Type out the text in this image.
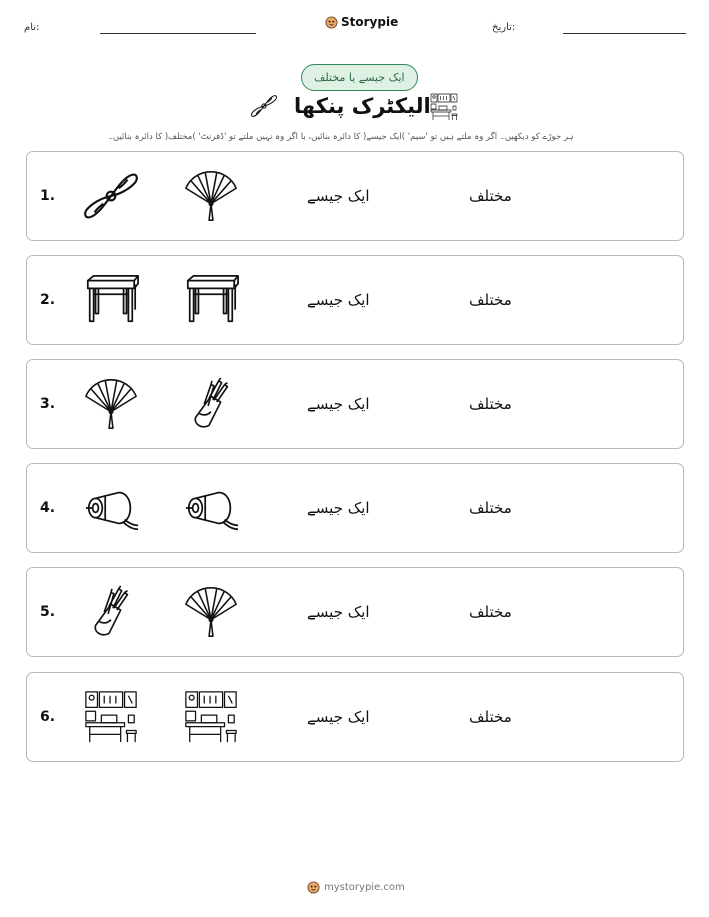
نام:	Storypie	تاریخ:
ایک جیسے یا مختلف
الیکٹرک پنکھا
ہر جوڑے کو دیکھیں۔ اگر وہ ملتے ہیں تو 'سیم' )ایک جیسے( کا دائرہ بنائیں، یا اگر وہ نہیں ملتے تو 'ڈفرنٹ' )مختلف( کا دائرہ بنائیں۔
1.	ایک جیسے	مختلف
2.	ایک جیسے	مختلف
3.	ایک جیسے	مختلف
4.	ایک جیسے	مختلف
5.	ایک جیسے	مختلف
6.	ایک جیسے	مختلف
mystorypie.com
